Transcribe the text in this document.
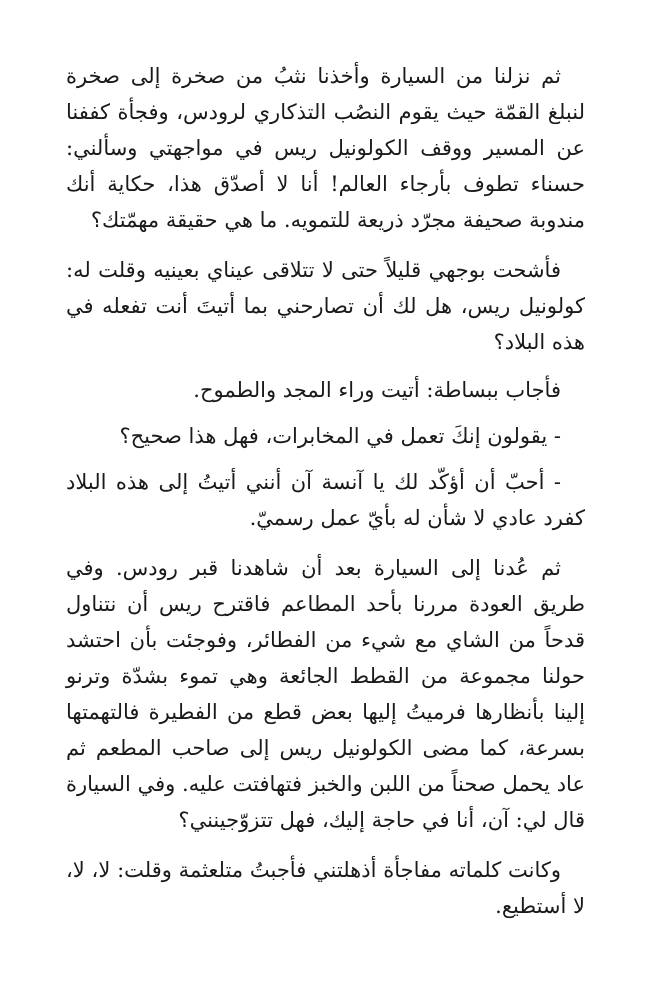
ثم نزلنا من السيارة وأخذنا نثبُ من صخرة إلى صخرة لنبلغ القمّة حيث يقوم النصُب التذكاري لرودس، وفجأة كففنا عن المسير ووقف الكولونيل ريس في مواجهتي وسألني: حسناء تطوف بأرجاء العالم! أنا لا أصدّق هذا، حكاية أنك مندوبة صحيفة مجرّد ذريعة للتمويه. ما هي حقيقة مهمّتك؟

فأشحت بوجهي قليلاً حتى لا تتلاقى عيناي بعينيه وقلت له: كولونيل ريس، هل لك أن تصارحني بما أتيتَ أنت تفعله في هذه البلاد؟

فأجاب ببساطة: أتيت وراء المجد والطموح.

- يقولون إنكَ تعمل في المخابرات، فهل هذا صحيح؟

- أحبّ أن أؤكّد لك يا آنسة آن أنني أتيتُ إلى هذه البلاد كفرد عادي لا شأن له بأيّ عمل رسميّ.

ثم عُدنا إلى السيارة بعد أن شاهدنا قبر رودس. وفي طريق العودة مررنا بأحد المطاعم فاقترح ريس أن نتناول قدحاً من الشاي مع شيء من الفطائر، وفوجئت بأن احتشد حولنا مجموعة من القطط الجائعة وهي تموء بشدّة وترنو إلينا بأنظارها فرميتُ إليها بعض قطع من الفطيرة فالتهمتها بسرعة، كما مضى الكولونيل ريس إلى صاحب المطعم ثم عاد يحمل صحناً من اللبن والخبز فتهافتت عليه. وفي السيارة قال لي: آن، أنا في حاجة إليك، فهل تتزوّجينني؟

وكانت كلماته مفاجأة أذهلتني فأجبتُ متلعثمة وقلت: لا، لا، لا أستطيع.
